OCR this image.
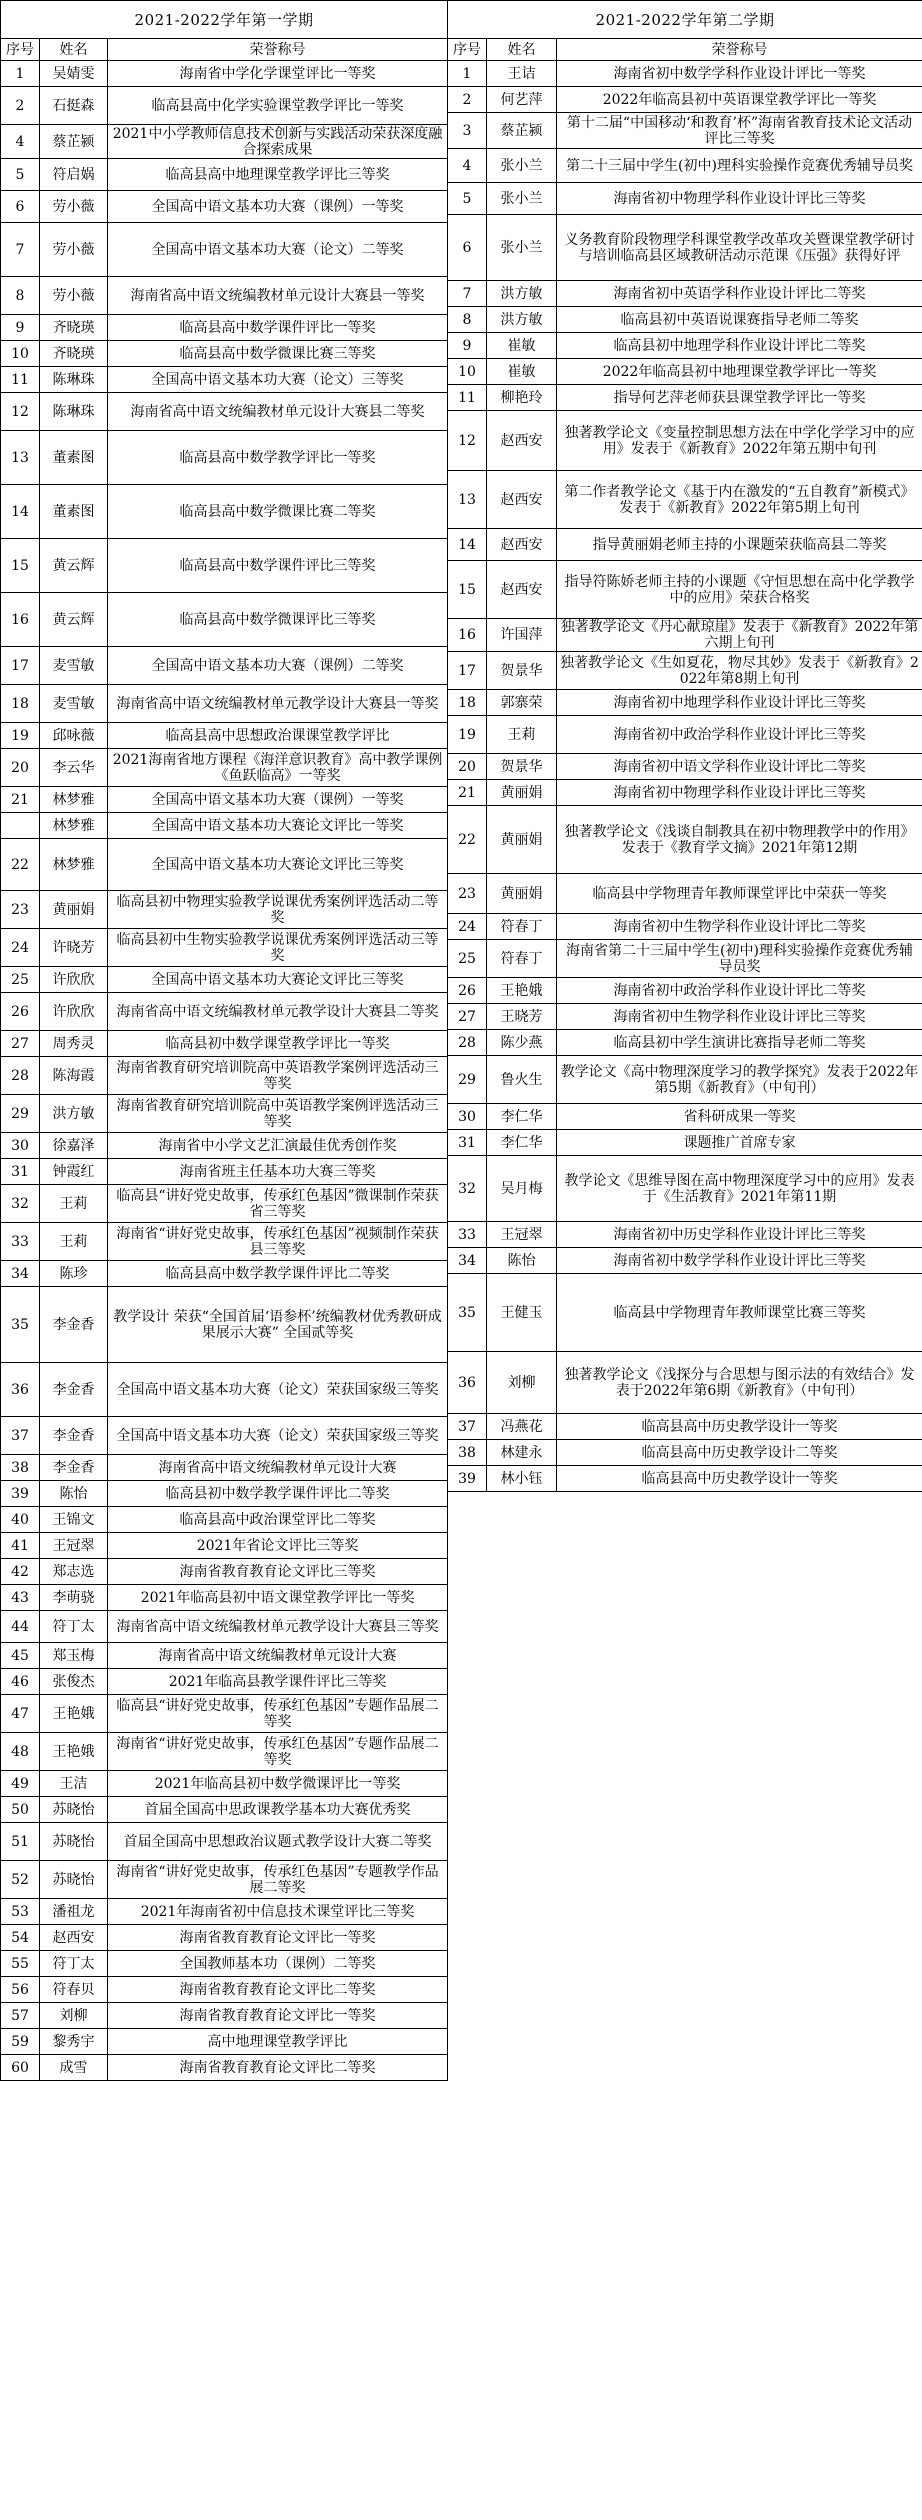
2021-2022学年第一学期		
序号	姓名	荣誉称号
1	吴婧雯	海南省中学化学课堂评比一等奖
2	石挺森	临高县高中化学实验课堂教学评比一等奖
4	蔡芷颍	2021中小学教师信息技术创新与实践活动荣获深度融合探索成果
5	符启娲	临高县高中地理课堂教学评比三等奖
6	劳小薇	全国高中语文基本功大赛（课例）一等奖
7	劳小薇	全国高中语文基本功大赛（论文）二等奖
8	劳小薇	海南省高中语文统编教材单元设计大赛县一等奖
9	齐晓瑛	临高县高中数学课件评比一等奖
10	齐晓瑛	临高县高中数学微课比赛三等奖
11	陈琳珠	全国高中语文基本功大赛（论文）三等奖
12	陈琳珠	海南省高中语文统编教材单元设计大赛县二等奖
13	董素图	临高县高中数学教学评比一等奖
14	董素图	临高县高中数学微课比赛二等奖
15	黄云辉	临高县高中数学课件评比三等奖
16	黄云辉	临高县高中数学微课评比三等奖
17	麦雪敏	全国高中语文基本功大赛（课例）二等奖
18	麦雪敏	海南省高中语文统编教材单元教学设计大赛县一等奖
19	邱咏薇	临高县高中思想政治课课堂教学评比
20	李云华	2021海南省地方课程《海洋意识教育》高中教学课例《鱼跃临高》一等奖
21	林梦雅	全国高中语文基本功大赛（课例）一等奖
	林梦雅	全国高中语文基本功大赛论文评比一等奖
22	林梦雅	全国高中语文基本功大赛论文评比三等奖
23	黄丽娟	临高县初中物理实验教学说课优秀案例评选活动二等奖
24	许晓芳	临高县初中生物实验教学说课优秀案例评选活动三等奖
25	许欣欣	全国高中语文基本功大赛论文评比三等奖
26	许欣欣	海南省高中语文统编教材单元教学设计大赛县二等奖
27	周秀灵	临高县初中数学课堂教学评比一等奖
28	陈海霞	海南省教育研究培训院高中英语教学案例评选活动三等奖
29	洪方敏	海南省教育研究培训院高中英语教学案例评选活动三等奖
30	徐嘉泽	海南省中小学文艺汇演最佳优秀创作奖
31	钟霞红	海南省班主任基本功大赛三等奖
32	王莉	临高县“讲好党史故事，传承红色基因”微课制作荣获省三等奖
33	王莉	海南省“讲好党史故事，传承红色基因”视频制作荣获县三等奖
34	陈珍	临高县高中数学教学课件评比二等奖
35	李金香	教学设计 荣获“全国首届‘语参杯’统编教材优秀教研成果展示大赛” 全国贰等奖
36	李金香	全国高中语文基本功大赛（论文）荣获国家级三等奖
37	李金香	全国高中语文基本功大赛（论文）荣获国家级三等奖
38	李金香	海南省高中语文统编教材单元设计大赛
39	陈怡	临高县初中数学教学课件评比二等奖
40	王锦文	临高县高中政治课堂评比二等奖
41	王冠翠	2021年省论文评比三等奖
42	郑志选	海南省教育教育论文评比三等奖
43	李萌骁	2021年临高县初中语文课堂教学评比一等奖
44	符丁太	海南省高中语文统编教材单元教学设计大赛县三等奖
45	郑玉梅	海南省高中语文统编教材单元设计大赛
46	张俊杰	2021年临高县教学课件评比三等奖
47	王艳娥	临高县“讲好党史故事，传承红色基因”专题作品展二等奖
48	王艳娥	海南省“讲好党史故事，传承红色基因”专题作品展二等奖
49	王洁	2021年临高县初中数学微课评比一等奖
50	苏晓怡	首届全国高中思政课教学基本功大赛优秀奖
51	苏晓怡	首届全国高中思想政治议题式教学设计大赛二等奖
52	苏晓怡	海南省“讲好党史故事，传承红色基因”专题教学作品展二等奖
53	潘祖龙	2021年海南省初中信息技术课堂评比三等奖
54	赵西安	海南省教育教育论文评比一等奖
55	符丁太	全国教师基本功（课例）二等奖
56	符春贝	海南省教育教育论文评比二等奖
57	刘柳	海南省教育教育论文评比一等奖
59	黎秀宇	高中地理课堂教学评比
60	成雪	海南省教育教育论文评比二等奖
2021-2022学年第二学期		
序号	姓名	荣誉称号
1	王诘	海南省初中数学学科作业设计评比一等奖
2	何艺萍	2022年临高县初中英语课堂教学评比一等奖
3	蔡芷颍	第十二届“中国移动‘和教育’杯”海南省教育技术论文活动评比三等奖
4	张小兰	第二十三届中学生(初中)理科实验操作竞赛优秀辅导员奖
5	张小兰	海南省初中物理学科作业设计评比三等奖
6	张小兰	义务教育阶段物理学科课堂教学改革攻关暨课堂教学研讨与培训临高县区域教研活动示范课《压强》获得好评
7	洪方敏	海南省初中英语学科作业设计评比二等奖
8	洪方敏	临高县初中英语说课赛指导老师二等奖
9	崔敏	临高县初中地理学科作业设计评比二等奖
10	崔敏	2022年临高县初中地理课堂教学评比一等奖
11	柳艳玲	指导何艺萍老师获县课堂教学评比一等奖
12	赵西安	独著教学论文《变量控制思想方法在中学化学学习中的应用》发表于《新教育》2022年第五期中旬刊
13	赵西安	第二作者教学论文《基于内在激发的“五自教育”新模式》发表于《新教育》2022年第5期上旬刊
14	赵西安	指导黄丽娟老师主持的小课题荣获临高县二等奖
15	赵西安	指导符陈娇老师主持的小课题《守恒思想在高中化学教学中的应用》荣获合格奖
16	许国萍	独著教学论文《丹心献琼崖》发表于《新教育》2022年第六期上旬刊
17	贺景华	独著教学论文《生如夏花，物尽其妙》发表于《新教育》2022年第8期上旬刊
18	郭寨荣	海南省初中地理学科作业设计评比三等奖
19	王莉	海南省初中政治学科作业设计评比三等奖
20	贺景华	海南省初中语文学科作业设计评比二等奖
21	黄丽娟	海南省初中物理学科作业设计评比三等奖
22	黄丽娟	独著教学论文《浅谈自制教具在初中物理教学中的作用》发表于《教育学文摘》2021年第12期
23	黄丽娟	临高县中学物理青年教师课堂评比中荣获一等奖
24	符春丁	海南省初中生物学科作业设计评比二等奖
25	符春丁	海南省第二十三届中学生(初中)理科实验操作竞赛优秀辅导员奖
26	王艳娥	海南省初中政治学科作业设计评比二等奖
27	王晓芳	海南省初中生物学科作业设计评比三等奖
28	陈少燕	临高县初中学生演讲比赛指导老师二等奖
29	鲁火生	教学论文《高中物理深度学习的教学探究》发表于2022年第5期《新教育》（中旬刊）
30	李仁华	省科研成果一等奖
31	李仁华	课题推广首席专家
32	吴月梅	教学论文《思维导图在高中物理深度学习中的应用》发表于《生活教育》2021年第11期
33	王冠翠	海南省初中历史学科作业设计评比三等奖
34	陈怡	海南省初中数学学科作业设计评比三等奖
35	王健玉	临高县中学物理青年教师课堂比赛三等奖
36	刘柳	独著教学论文《浅探分与合思想与图示法的有效结合》发表于2022年第6期《新教育》（中旬刊）
37	冯燕花	临高县高中历史教学设计一等奖
38	林建永	临高县高中历史教学设计二等奖
39	林小钰	临高县高中历史教学设计一等奖
